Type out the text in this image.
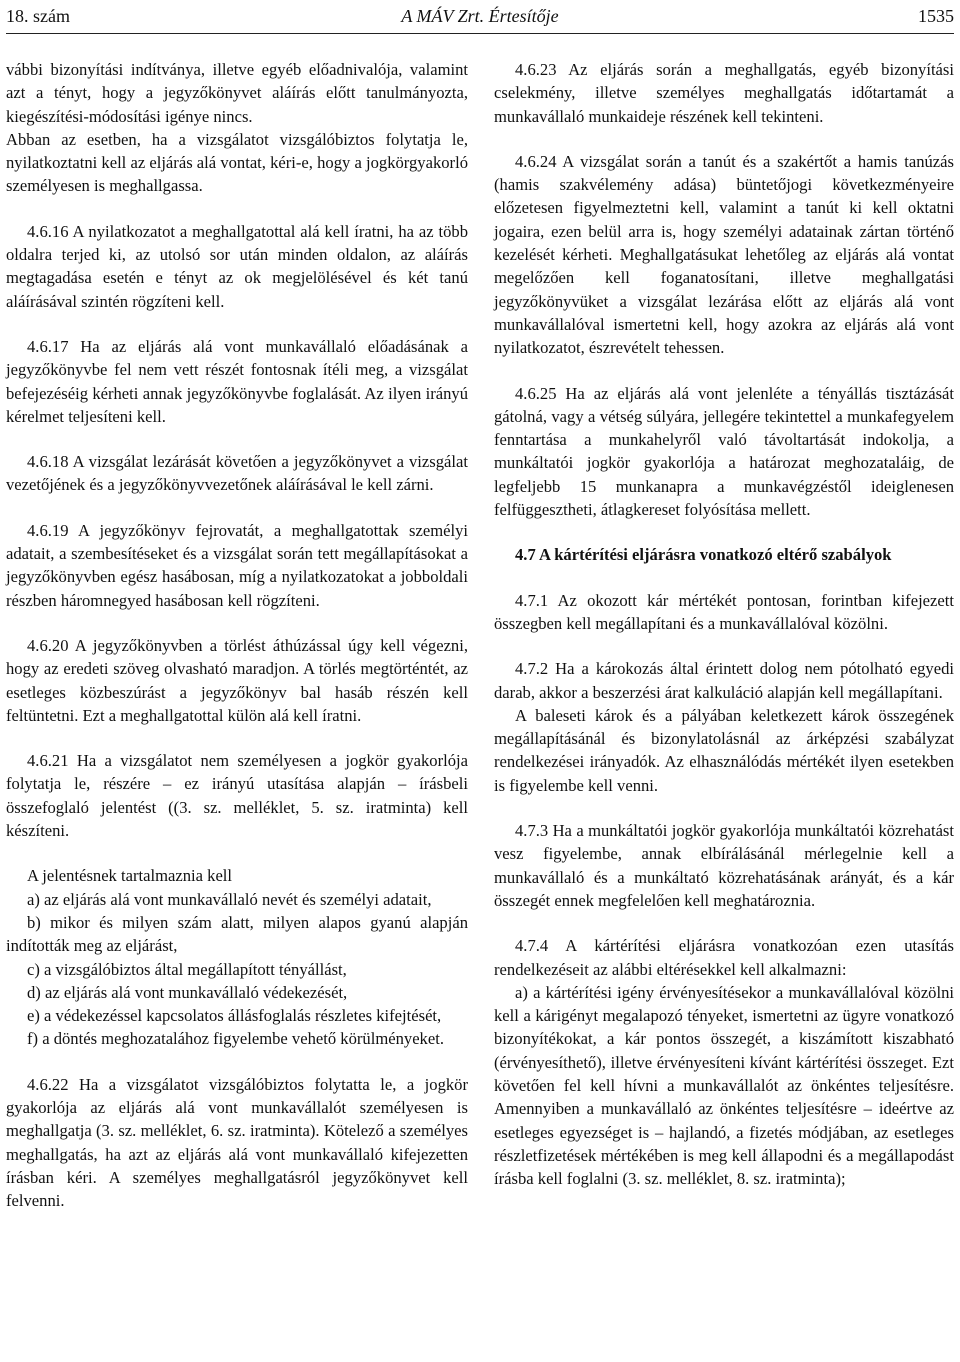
18. szám	A MÁV Zrt. Értesítője	1535

vábbi bizonyítási indítványa, illetve egyéb előadnivalója, valamint azt a tényt, hogy a jegyzőkönyvet aláírás előtt tanulmányozta, kiegészítési-módosítási igénye nincs.

Abban az esetben, ha a vizsgálatot vizsgálóbiztos folytatja le, nyilatkoztatni kell az eljárás alá vontat, kéri-e, hogy a jogkörgyakorló személyesen is meghallgassa.

4.6.16 A nyilatkozatot a meghallgatottal alá kell íratni, ha az több oldalra terjed ki, az utolsó sor után minden oldalon, az aláírás megtagadása esetén e tényt az ok megjelölésével és két tanú aláírásával szintén rögzíteni kell.

4.6.17 Ha az eljárás alá vont munkavállaló előadásának a jegyzőkönyvbe fel nem vett részét fontosnak ítéli meg, a vizsgálat befejezéséig kérheti annak jegyzőkönyvbe foglalását. Az ilyen irányú kérelmet teljesíteni kell.

4.6.18 A vizsgálat lezárását követően a jegyzőkönyvet a vizsgálat vezetőjének és a jegyzőkönyvvezetőnek aláírásával le kell zárni.

4.6.19 A jegyzőkönyv fejrovatát, a meghallgatottak személyi adatait, a szembesítéseket és a vizsgálat során tett megállapításokat a jegyzőkönyvben egész hasábosan, míg a nyilatkozatokat a jobboldali részben háromnegyed hasábosan kell rögzíteni.

4.6.20 A jegyzőkönyvben a törlést áthúzással úgy kell végezni, hogy az eredeti szöveg olvasható maradjon. A törlés megtörténtét, az esetleges közbeszúrást a jegyzőkönyv bal hasáb részén kell feltüntetni. Ezt a meghallgatottal külön alá kell íratni.

4.6.21 Ha a vizsgálatot nem személyesen a jogkör gyakorlója folytatja le, részére – ez irányú utasítása alapján – írásbeli összefoglaló jelentést ((3. sz. melléklet, 5. sz. iratminta) kell készíteni.

A jelentésnek tartalmaznia kell

a) az eljárás alá vont munkavállaló nevét és személyi adatait,

b) mikor és milyen szám alatt, milyen alapos gyanú alapján indították meg az eljárást,

c) a vizsgálóbiztos által megállapított tényállást,

d) az eljárás alá vont munkavállaló védekezését,

e) a védekezéssel kapcsolatos állásfoglalás részletes kifejtését,

f) a döntés meghozatalához figyelembe vehető körülményeket.

4.6.22 Ha a vizsgálatot vizsgálóbiztos folytatta le, a jogkör gyakorlója az eljárás alá vont munkavállalót személyesen is meghallgatja (3. sz. melléklet, 6. sz. iratminta). Kötelező a személyes meghallgatás, ha azt az eljárás alá vont munkavállaló kifejezetten írásban kéri. A személyes meghallgatásról jegyzőkönyvet kell felvenni.

4.6.23 Az eljárás során a meghallgatás, egyéb bizonyítási cselekmény, illetve személyes meghallgatás időtartamát a munkavállaló munkaideje részének kell tekinteni.

4.6.24 A vizsgálat során a tanút és a szakértőt a hamis tanúzás (hamis szakvélemény adása) büntetőjogi következményeire előzetesen figyelmeztetni kell, valamint a tanút ki kell oktatni jogaira, ezen belül arra is, hogy személyi adatainak zártan történő kezelését kérheti. Meghallgatásukat lehetőleg az eljárás alá vontat megelőzően kell foganatosítani, illetve meghallgatási jegyzőkönyvüket a vizsgálat lezárása előtt az eljárás alá vont munkavállalóval ismertetni kell, hogy azokra az eljárás alá vont nyilatkozatot, észrevételt tehessen.

4.6.25 Ha az eljárás alá vont jelenléte a tényállás tisztázását gátolná, vagy a vétség súlyára, jellegére tekintettel a munkafegyelem fenntartása a munkahelyről való távoltartását indokolja, a munkáltatói jogkör gyakorlója a határozat meghozataláig, de legfeljebb 15 munkanapra a munkavégzéstől ideiglenesen felfüggesztheti, átlagkereset folyósítása mellett.

4.7 A kártérítési eljárásra vonatkozó eltérő szabályok

4.7.1 Az okozott kár mértékét pontosan, forintban kifejezett összegben kell megállapítani és a munkavállalóval közölni.

4.7.2 Ha a károkozás által érintett dolog nem pótolható egyedi darab, akkor a beszerzési árat kalkuláció alapján kell megállapítani.

A baleseti károk és a pályában keletkezett károk összegének megállapításánál és bizonylatolásnál az árképzési szabályzat rendelkezései irányadók. Az elhasználódás mértékét ilyen esetekben is figyelembe kell venni.

4.7.3 Ha a munkáltatói jogkör gyakorlója munkáltatói közrehatást vesz figyelembe, annak elbírálásánál mérlegelnie kell a munkavállaló és a munkáltató közrehatásának arányát, és a kár összegét ennek megfelelően kell meghatároznia.

4.7.4 A kártérítési eljárásra vonatkozóan ezen utasítás rendelkezéseit az alábbi eltérésekkel kell alkalmazni:

a) a kártérítési igény érvényesítésekor a munkavállalóval közölni kell a kárigényt megalapozó tényeket, ismertetni az ügyre vonatkozó bizonyítékokat, a kár pontos összegét, a kiszámított kiszabható (érvényesíthető), illetve érvényesíteni kívánt kártérítési összeget. Ezt követően fel kell hívni a munkavállalót az önkéntes teljesítésre. Amennyiben a munkavállaló az önkéntes teljesítésre – ideértve az esetleges egyezséget is – hajlandó, a fizetés módjában, az esetleges részletfizetések mértékében is meg kell állapodni és a megállapodást írásba kell foglalni (3. sz. melléklet, 8. sz. iratminta);
